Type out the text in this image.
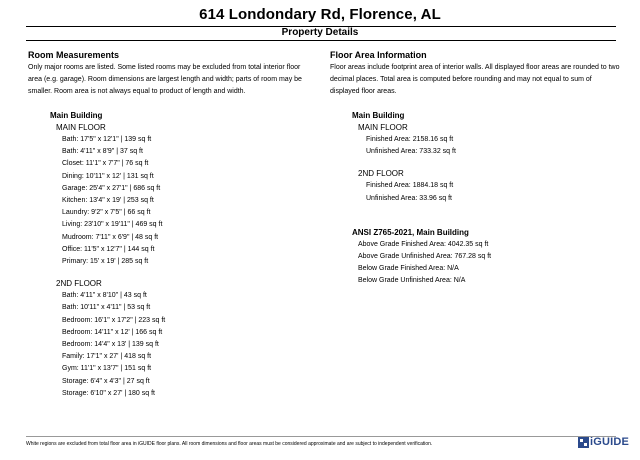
614 Londondary Rd, Florence, AL
Property Details
Room Measurements
Only major rooms are listed. Some listed rooms may be excluded from total interior floor area (e.g. garage). Room dimensions are largest length and width; parts of room may be smaller. Room area is not always equal to product of length and width.
Main Building
MAIN FLOOR
Bath: 17'5" x 12'1" | 139 sq ft
Bath: 4'11" x 8'9" | 37 sq ft
Closet: 11'1" x 7'7" | 76 sq ft
Dining: 10'11" x 12' | 131 sq ft
Garage: 25'4" x 27'1" | 686 sq ft
Kitchen: 13'4" x 19' | 253 sq ft
Laundry: 9'2" x 7'5" | 66 sq ft
Living: 23'10" x 19'11" | 469 sq ft
Mudroom: 7'11" x 6'9" | 48 sq ft
Office: 11'5" x 12'7" | 144 sq ft
Primary: 15' x 19' | 285 sq ft
2ND FLOOR
Bath: 4'11" x 8'10" | 43 sq ft
Bath: 10'11" x 4'11" | 53 sq ft
Bedroom: 16'1" x 17'2" | 223 sq ft
Bedroom: 14'11" x 12' | 166 sq ft
Bedroom: 14'4" x 13' | 139 sq ft
Family: 17'1" x 27' | 418 sq ft
Gym: 11'1" x 13'7" | 151 sq ft
Storage: 6'4" x 4'3" | 27 sq ft
Storage: 6'10" x 27' | 180 sq ft
Floor Area Information
Floor areas include footprint area of interior walls. All displayed floor areas are rounded to two decimal places. Total area is computed before rounding and may not equal to sum of displayed floor areas.
Main Building
MAIN FLOOR
Finished Area: 2158.16 sq ft
Unfinished Area: 733.32 sq ft
2ND FLOOR
Finished Area: 1884.18 sq ft
Unfinished Area: 33.96 sq ft
ANSI Z765-2021, Main Building
Above Grade Finished Area: 4042.35 sq ft
Above Grade Unfinished Area: 767.28 sq ft
Below Grade Finished Area: N/A
Below Grade Unfinished Area: N/A
White regions are excluded from total floor area in iGUIDE floor plans. All room dimensions and floor areas must be considered approximate and are subject to independent verification.	iGUIDE
